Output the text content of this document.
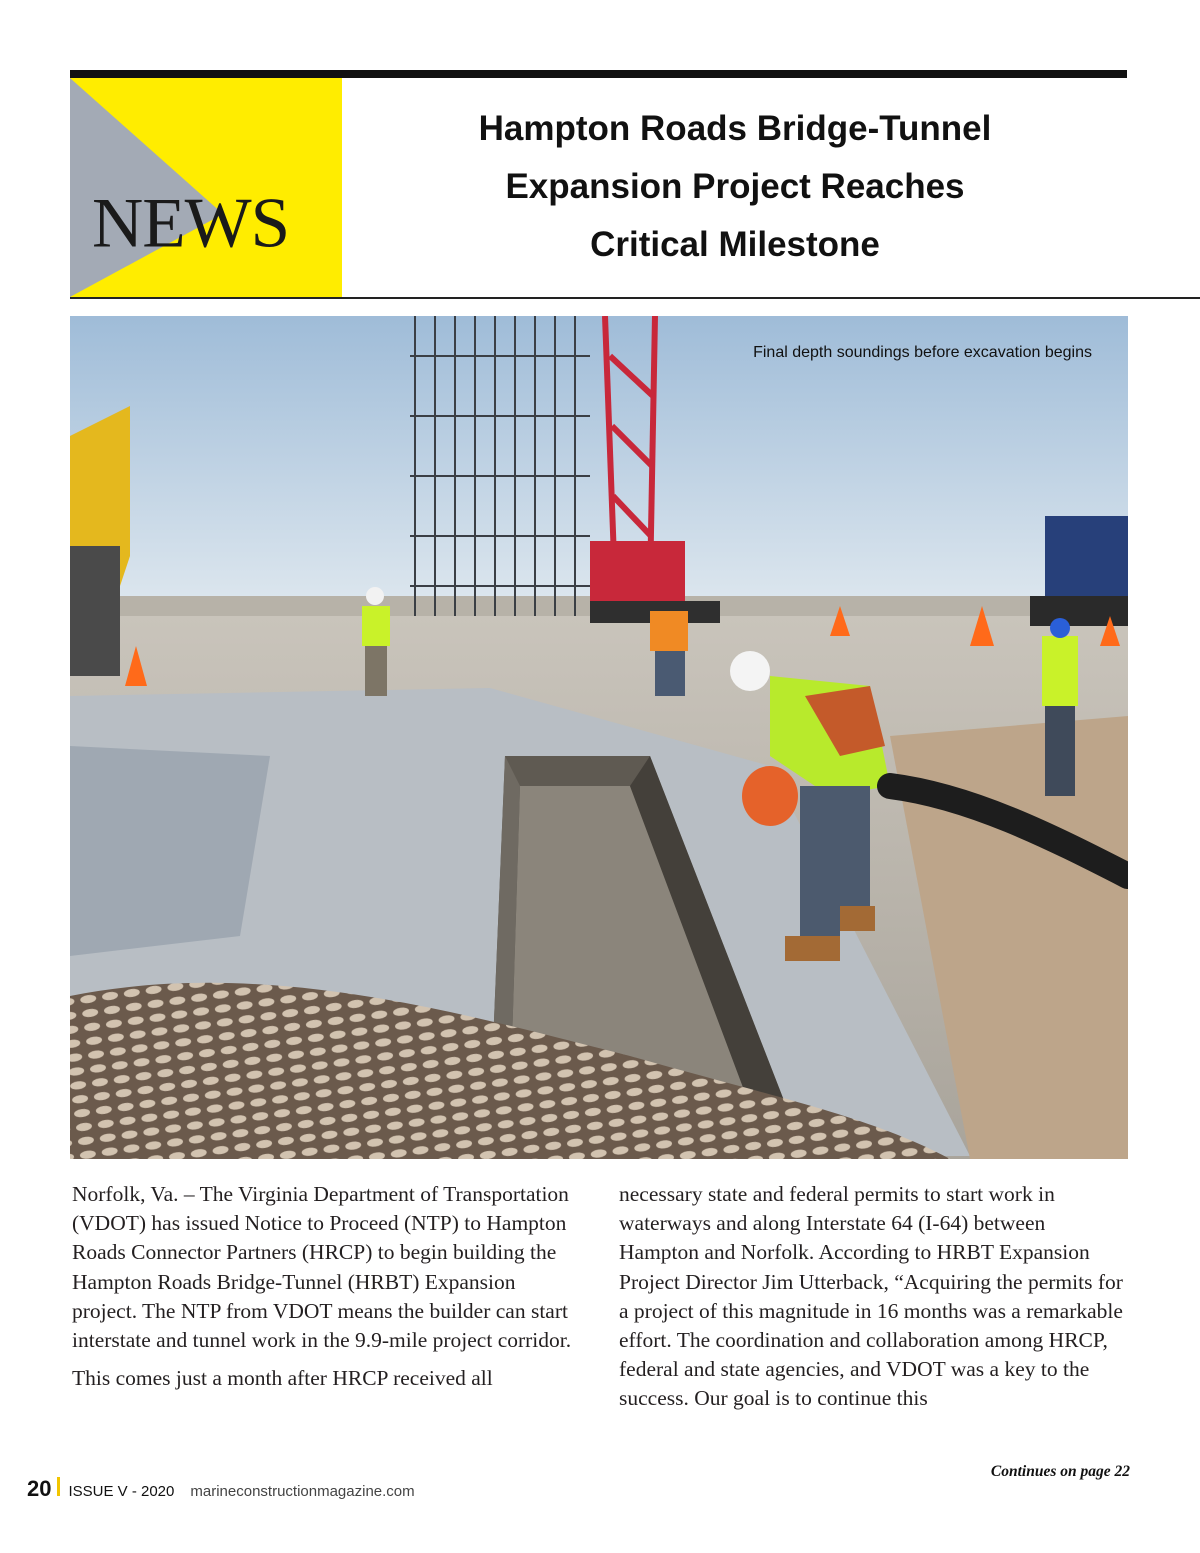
NEWS
Hampton Roads Bridge-Tunnel
Expansion Project Reaches
Critical Milestone
Final depth soundings before excavation begins

Norfolk, Va. – The Virginia Department of Transportation (VDOT) has issued Notice to Proceed (NTP) to Hampton Roads Connector Partners (HRCP) to begin building the Hampton Roads Bridge-Tunnel (HRBT) Expansion project. The NTP from VDOT means the builder can start interstate and tunnel work in the 9.9-mile project corridor.

This comes just a month after HRCP received all

necessary state and federal permits to start work in waterways and along Interstate 64 (I-64) between Hampton and Norfolk. According to HRBT Expansion Project Director Jim Utterback, “Acquiring the permits for a project of this magnitude in 16 months was a remarkable effort. The coordination and collaboration among HRCP, federal and state agencies, and VDOT was a key to the success. Our goal is to continue this

Continues on page 22
20 ISSUE V - 2020 marineconstructionmagazine.com
